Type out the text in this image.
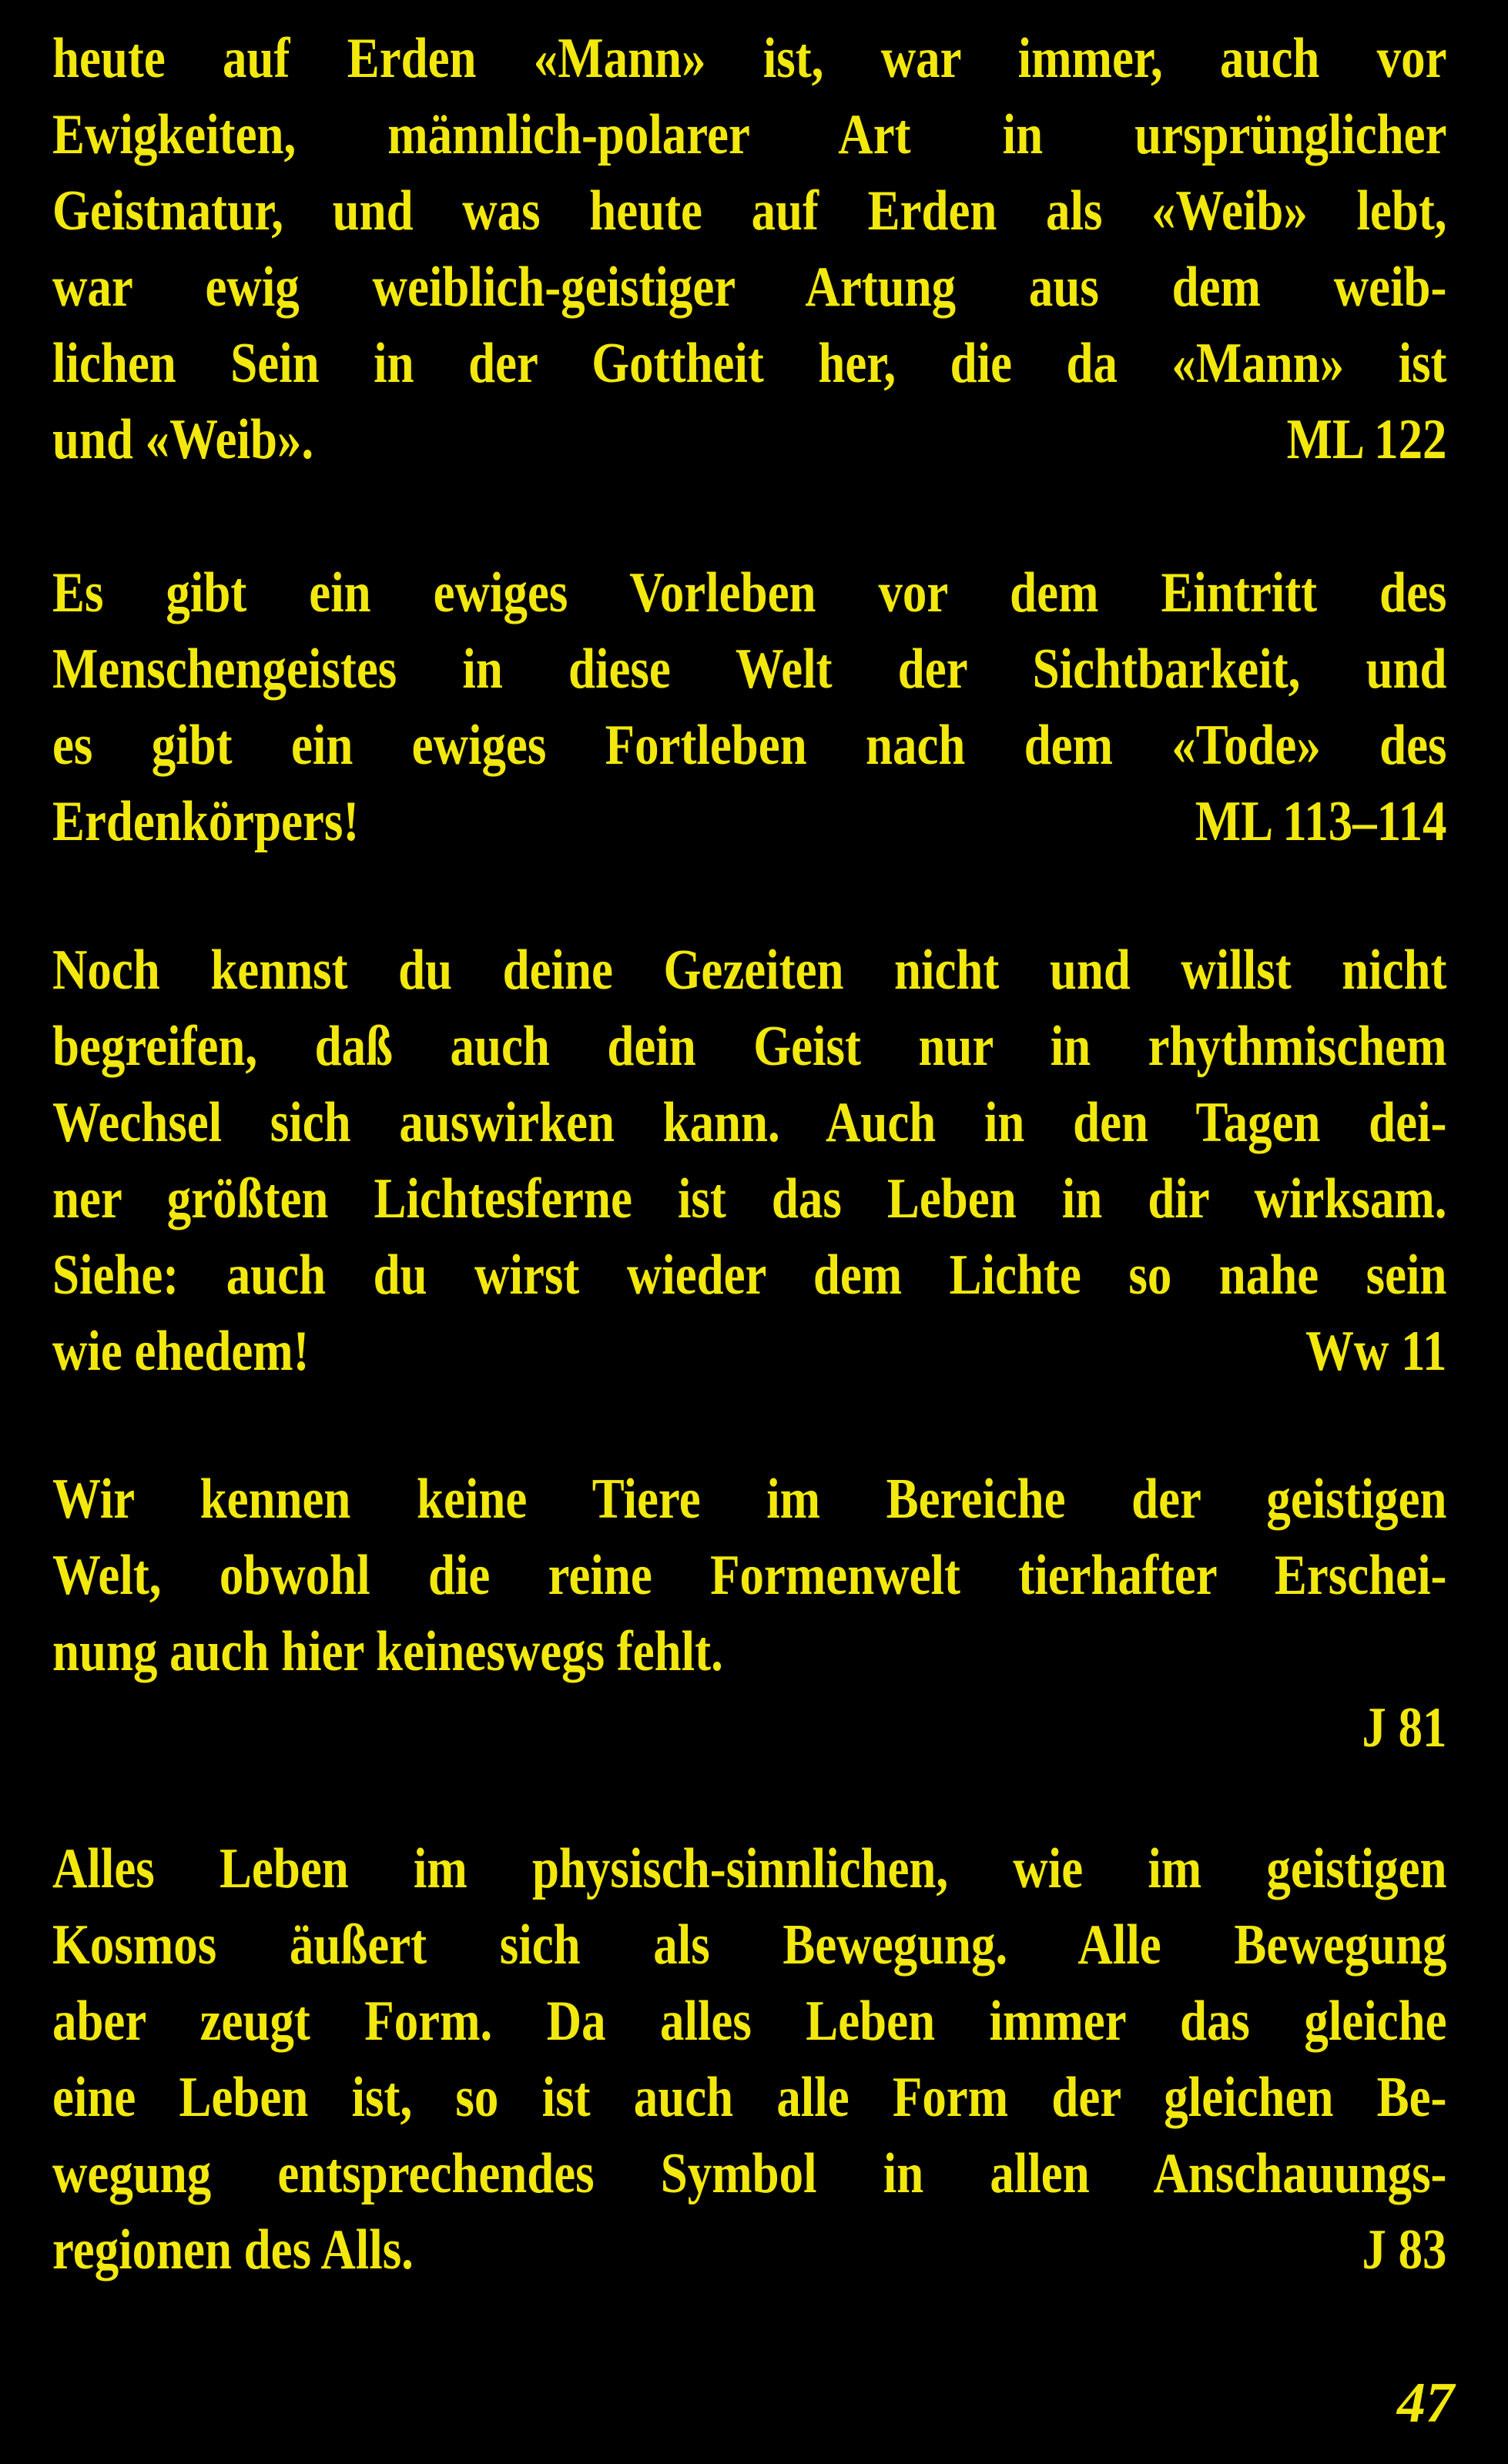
heute auf Erden «Mann» ist, war immer, auch vor
Ewigkeiten, männlich-polarer Art in ursprünglicher
Geistnatur, und was heute auf Erden als «Weib» lebt,
war ewig weiblich-geistiger Artung aus dem weib-
lichen Sein in der Gottheit her, die da «Mann» ist
und «Weib».	ML 122
Es gibt ein ewiges Vorleben vor dem Eintritt des
Menschengeistes in diese Welt der Sichtbarkeit, und
es gibt ein ewiges Fortleben nach dem «Tode» des
Erdenkörpers!	ML 113–114
Noch kennst du deine Gezeiten nicht und willst nicht
begreifen, daß auch dein Geist nur in rhythmischem
Wechsel sich auswirken kann. Auch in den Tagen dei-
ner größten Lichtesferne ist das Leben in dir wirksam.
Siehe: auch du wirst wieder dem Lichte so nahe sein
wie ehedem!	Ww 11
Wir kennen keine Tiere im Bereiche der geistigen
Welt, obwohl die reine Formenwelt tierhafter Erschei-
nung auch hier keineswegs fehlt.
J 81
Alles Leben im physisch-sinnlichen, wie im geistigen
Kosmos äußert sich als Bewegung. Alle Bewegung
aber zeugt Form. Da alles Leben immer das gleiche
eine Leben ist, so ist auch alle Form der gleichen Be-
wegung entsprechendes Symbol in allen Anschauungs-
regionen des Alls.	J 83
47
